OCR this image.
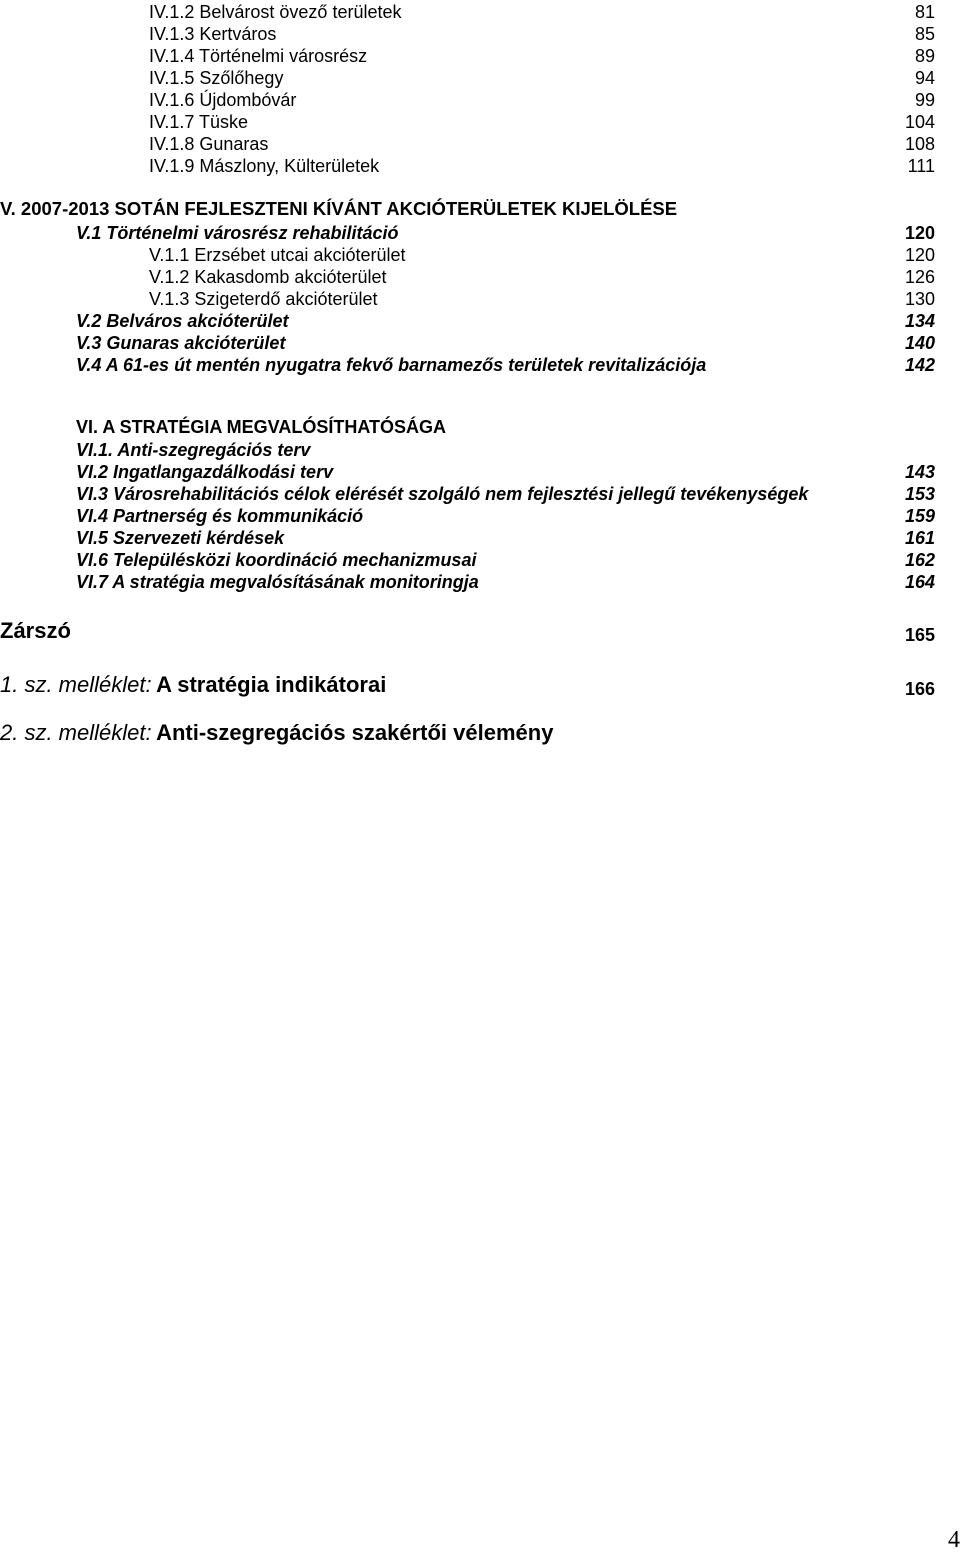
IV.1.2 Belvárost övező területek	81
IV.1.3 Kertváros	85
IV.1.4 Történelmi városrész	89
IV.1.5 Szőlőhegy	94
IV.1.6 Újdombóvár	99
IV.1.7 Tüske	104
IV.1.8 Gunaras	108
IV.1.9 Mászlony, Külterületek	111
V. 2007-2013 SOTÁN FEJLESZTENI KÍVÁNT AKCIÓTERÜLETEK KIJELÖLÉSE
V.1 Történelmi városrész rehabilitáció	120
V.1.1 Erzsébet utcai akcióterület	120
V.1.2 Kakasdomb akcióterület	126
V.1.3 Szigeterdő akcióterület	130
V.2 Belváros akcióterület	134
V.3 Gunaras akcióterület	140
V.4 A 61-es út mentén nyugatra fekvő barnamezős területek revitalizációja	142
VI. A STRATÉGIA MEGVALÓSÍTHATÓSÁGA
VI.1. Anti-szegregációs terv
VI.2 Ingatlangazdálkodási terv	143
VI.3 Városrehabilitációs célok elérését szolgáló nem fejlesztési jellegű tevékenységek	153
VI.4 Partnerség és kommunikáció	159
VI.5 Szervezeti kérdések	161
VI.6 Településközi koordináció mechanizmusai	162
VI.7 A stratégia megvalósításának monitoringja	164
Zárszó	165
1. sz. melléklet: A stratégia indikátorai	166
2. sz. melléklet: Anti-szegregációs szakértői vélemény
4
